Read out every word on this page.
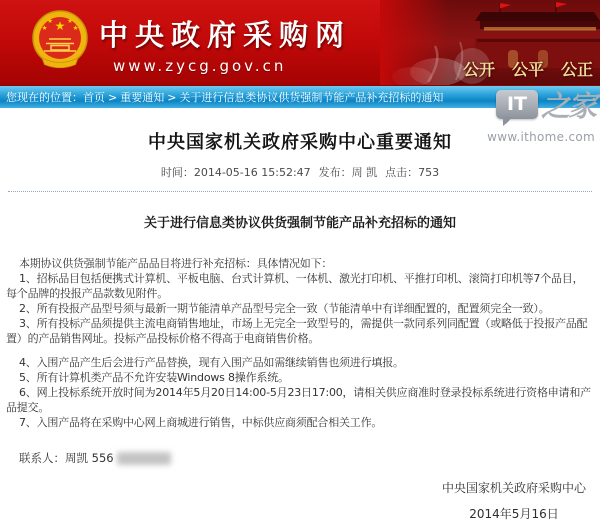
★
★ ★
★	★ 中央政府采购网
www.zycg.gov.cn	公开 公平 公正
您现在的位置：首页 > 重要通知 > 关于进行信息类协议供货强制节能产品补充招标的通知	IT 之家
www.ithome.com
中央国家机关政府采购中心重要通知
时间：2014-05-16 15:52:47 发布：周 凯 点击：753
关于进行信息类协议供货强制节能产品补充招标的通知
本期协议供货强制节能产品品目将进行补充招标：具体情况如下：
1、招标品目包括便携式计算机、平板电脑、台式计算机、一体机、激光打印机、平推打印机、滚筒打印机等7个品目，每个品牌的投报产品款数见附件。
2、所有投报产品型号须与最新一期节能清单产品型号完全一致（节能清单中有详细配置的，配置须完全一致）。
3、所有投标产品须提供主流电商销售地址，市场上无完全一致型号的，需提供一款同系列同配置（或略低于投报产品配置）的产品销售网址。投标产品投标价格不得高于电商销售价格。
4、入围产品产生后会进行产品替换，现有入围产品如需继续销售也须进行填报。
5、所有计算机类产品不允许安装Windows 8操作系统。
6、网上投标系统开放时间为2014年5月20日14:00-5月23日17:00，请相关供应商准时登录投标系统进行资格申请和产品提交。
7、入围产品将在采购中心网上商城进行销售，中标供应商须配合相关工作。
联系人： 周凯
556
中央国家机关政府采购中心
2014年5月16日
